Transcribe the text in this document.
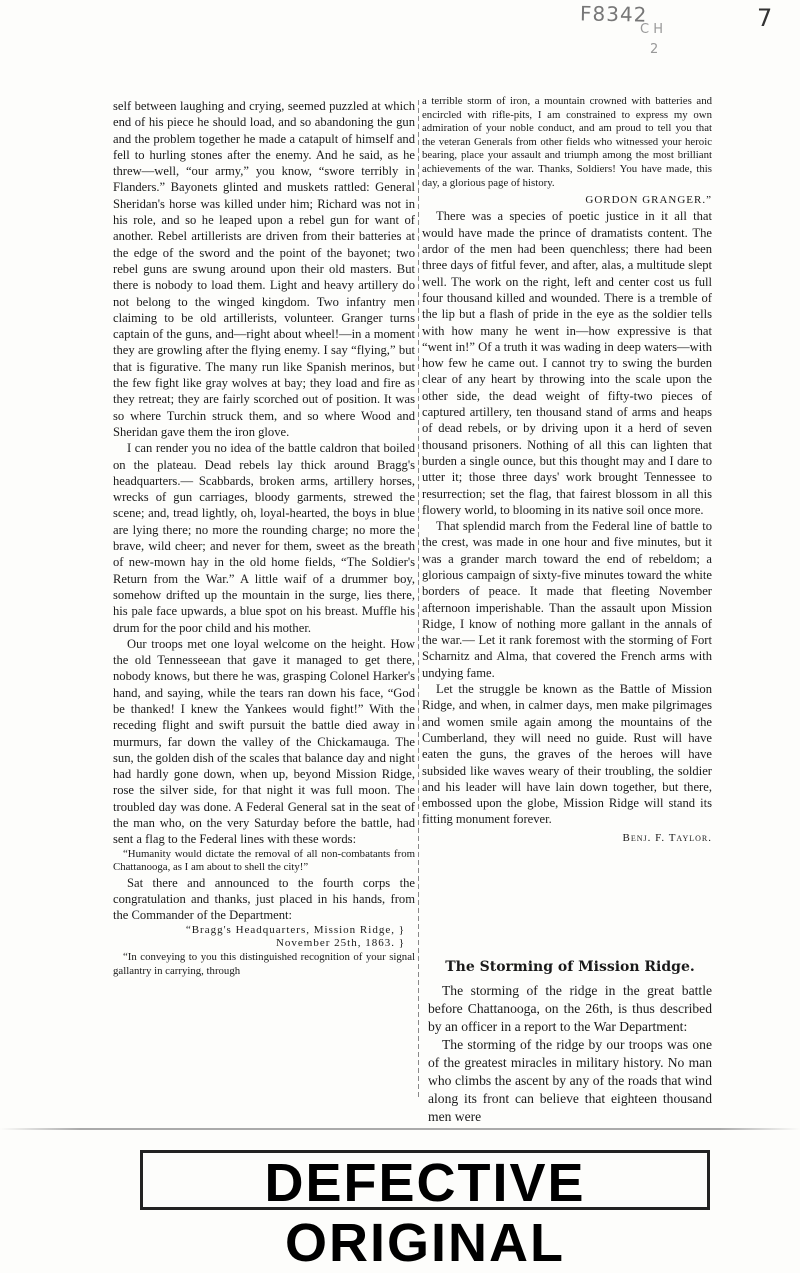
F8342
C H
2
7

self between laughing and crying, seemed puzzled at which end of his piece he should load, and so abandoning the gun and the problem together he made a catapult of himself and fell to hurling stones after the enemy. And he said, as he threw—well, “our army,” you know, “swore terribly in Flanders.” Bayonets glinted and muskets rattled: General Sheridan's horse was killed under him; Richard was not in his role, and so he leaped upon a rebel gun for want of another. Rebel artillerists are driven from their batteries at the edge of the sword and the point of the bayonet; two rebel guns are swung around upon their old masters. But there is nobody to load them. Light and heavy artillery do not belong to the winged kingdom. Two infantry men claiming to be old artillerists, volunteer. Granger turns captain of the guns, and—right about wheel!—in a moment they are growling after the flying enemy. I say “flying,” but that is figurative. The many run like Spanish merinos, but the few fight like gray wolves at bay; they load and fire as they retreat; they are fairly scorched out of position. It was so where Turchin struck them, and so where Wood and Sheridan gave them the iron glove.

I can render you no idea of the battle caldron that boiled on the plateau. Dead rebels lay thick around Bragg's headquarters.— Scabbards, broken arms, artillery horses, wrecks of gun carriages, bloody garments, strewed the scene; and, tread lightly, oh, loyal-hearted, the boys in blue are lying there; no more the rounding charge; no more the brave, wild cheer; and never for them, sweet as the breath of new-mown hay in the old home fields, “The Soldier's Return from the War.” A little waif of a drummer boy, somehow drifted up the mountain in the surge, lies there, his pale face upwards, a blue spot on his breast. Muffle his drum for the poor child and his mother.

Our troops met one loyal welcome on the height. How the old Tennesseean that gave it managed to get there, nobody knows, but there he was, grasping Colonel Harker's hand, and saying, while the tears ran down his face, “God be thanked! I knew the Yankees would fight!” With the receding flight and swift pursuit the battle died away in murmurs, far down the valley of the Chickamauga. The sun, the golden dish of the scales that balance day and night had hardly gone down, when up, beyond Mission Ridge, rose the silver side, for that night it was full moon. The troubled day was done. A Federal General sat in the seat of the man who, on the very Saturday before the battle, had sent a flag to the Federal lines with these words:

“Humanity would dictate the removal of all non-combatants from Chattanooga, as I am about to shell the city!”

Sat there and announced to the fourth corps the congratulation and thanks, just placed in his hands, from the Commander of the Department:

“Bragg's Headquarters, Mission Ridge, }

November 25th, 1863. }

“In conveying to you this distinguished recognition of your signal gallantry in carrying, through

a terrible storm of iron, a mountain crowned with batteries and encircled with rifle-pits, I am constrained to express my own admiration of your noble conduct, and am proud to tell you that the veteran Generals from other fields who witnessed your heroic bearing, place your assault and triumph among the most brilliant achievements of the war. Thanks, Soldiers! You have made, this day, a glorious page of history.

GORDON GRANGER.”

There was a species of poetic justice in it all that would have made the prince of dramatists content. The ardor of the men had been quenchless; there had been three days of fitful fever, and after, alas, a multitude slept well. The work on the right, left and center cost us full four thousand killed and wounded. There is a tremble of the lip but a flash of pride in the eye as the soldier tells with how many he went in—how expressive is that “went in!” Of a truth it was wading in deep waters—with how few he came out. I cannot try to swing the burden clear of any heart by throwing into the scale upon the other side, the dead weight of fifty-two pieces of captured artillery, ten thousand stand of arms and heaps of dead rebels, or by driving upon it a herd of seven thousand prisoners. Nothing of all this can lighten that burden a single ounce, but this thought may and I dare to utter it; those three days' work brought Tennessee to resurrection; set the flag, that fairest blossom in all this flowery world, to blooming in its native soil once more.

That splendid march from the Federal line of battle to the crest, was made in one hour and five minutes, but it was a grander march toward the end of rebeldom; a glorious campaign of sixty-five minutes toward the white borders of peace. It made that fleeting November afternoon imperishable. Than the assault upon Mission Ridge, I know of nothing more gallant in the annals of the war.— Let it rank foremost with the storming of Fort Scharnitz and Alma, that covered the French arms with undying fame.

Let the struggle be known as the Battle of Mission Ridge, and when, in calmer days, men make pilgrimages and women smile again among the mountains of the Cumberland, they will need no guide. Rust will have eaten the guns, the graves of the heroes will have subsided like waves weary of their troubling, the soldier and his leader will have lain down together, but there, embossed upon the globe, Mission Ridge will stand its fitting monument forever.

Benj. F. Taylor.
The Storming of Mission Ridge.

The storming of the ridge in the great battle before Chattanooga, on the 26th, is thus described by an officer in a report to the War Department:

The storming of the ridge by our troops was one of the greatest miracles in military history. No man who climbs the ascent by any of the roads that wind along its front can believe that eighteen thousand men were

DEFECTIVE ORIGINAL
